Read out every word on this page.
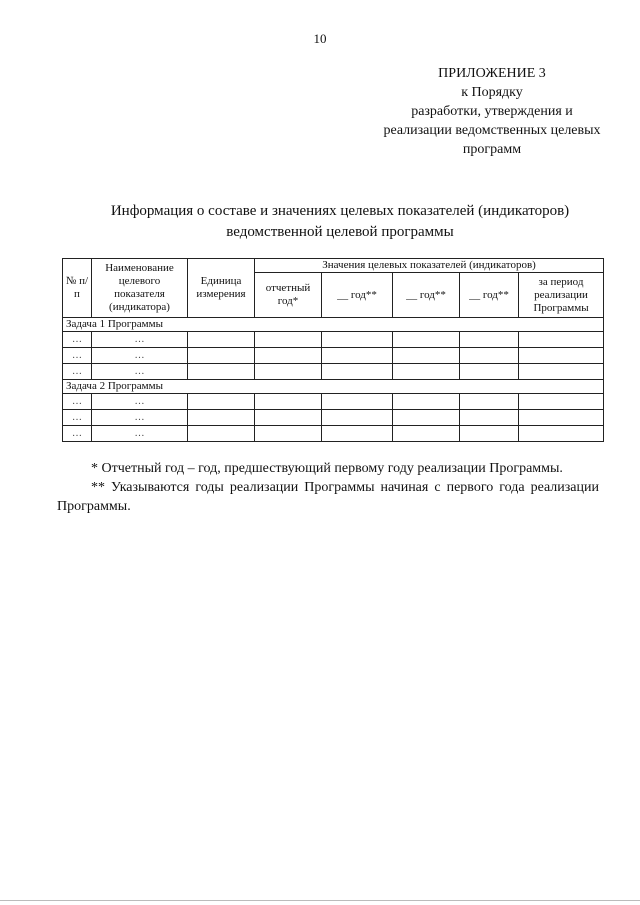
10
ПРИЛОЖЕНИЕ 3
к Порядку
разработки, утверждения и
реализации ведомственных целевых
программ
Информация о составе и значениях целевых показателей (индикаторов)
ведомственной целевой программы
№ п/п	Наименование целевого показателя (индикатора)	Единица измерения	Значения целевых показателей (индикаторов)				
			отчетный год*	__ год**	__ год**	__ год**	за период реализации Программы
Задача 1 Программы							
…	…						
…	…						
…	…						
Задача 2 Программы							
…	…						
…	…						
…	…						

* Отчетный год – год, предшествующий первому году реализации Программы.

** Указываются годы реализации Программы начиная с первого года реализации Программы.
